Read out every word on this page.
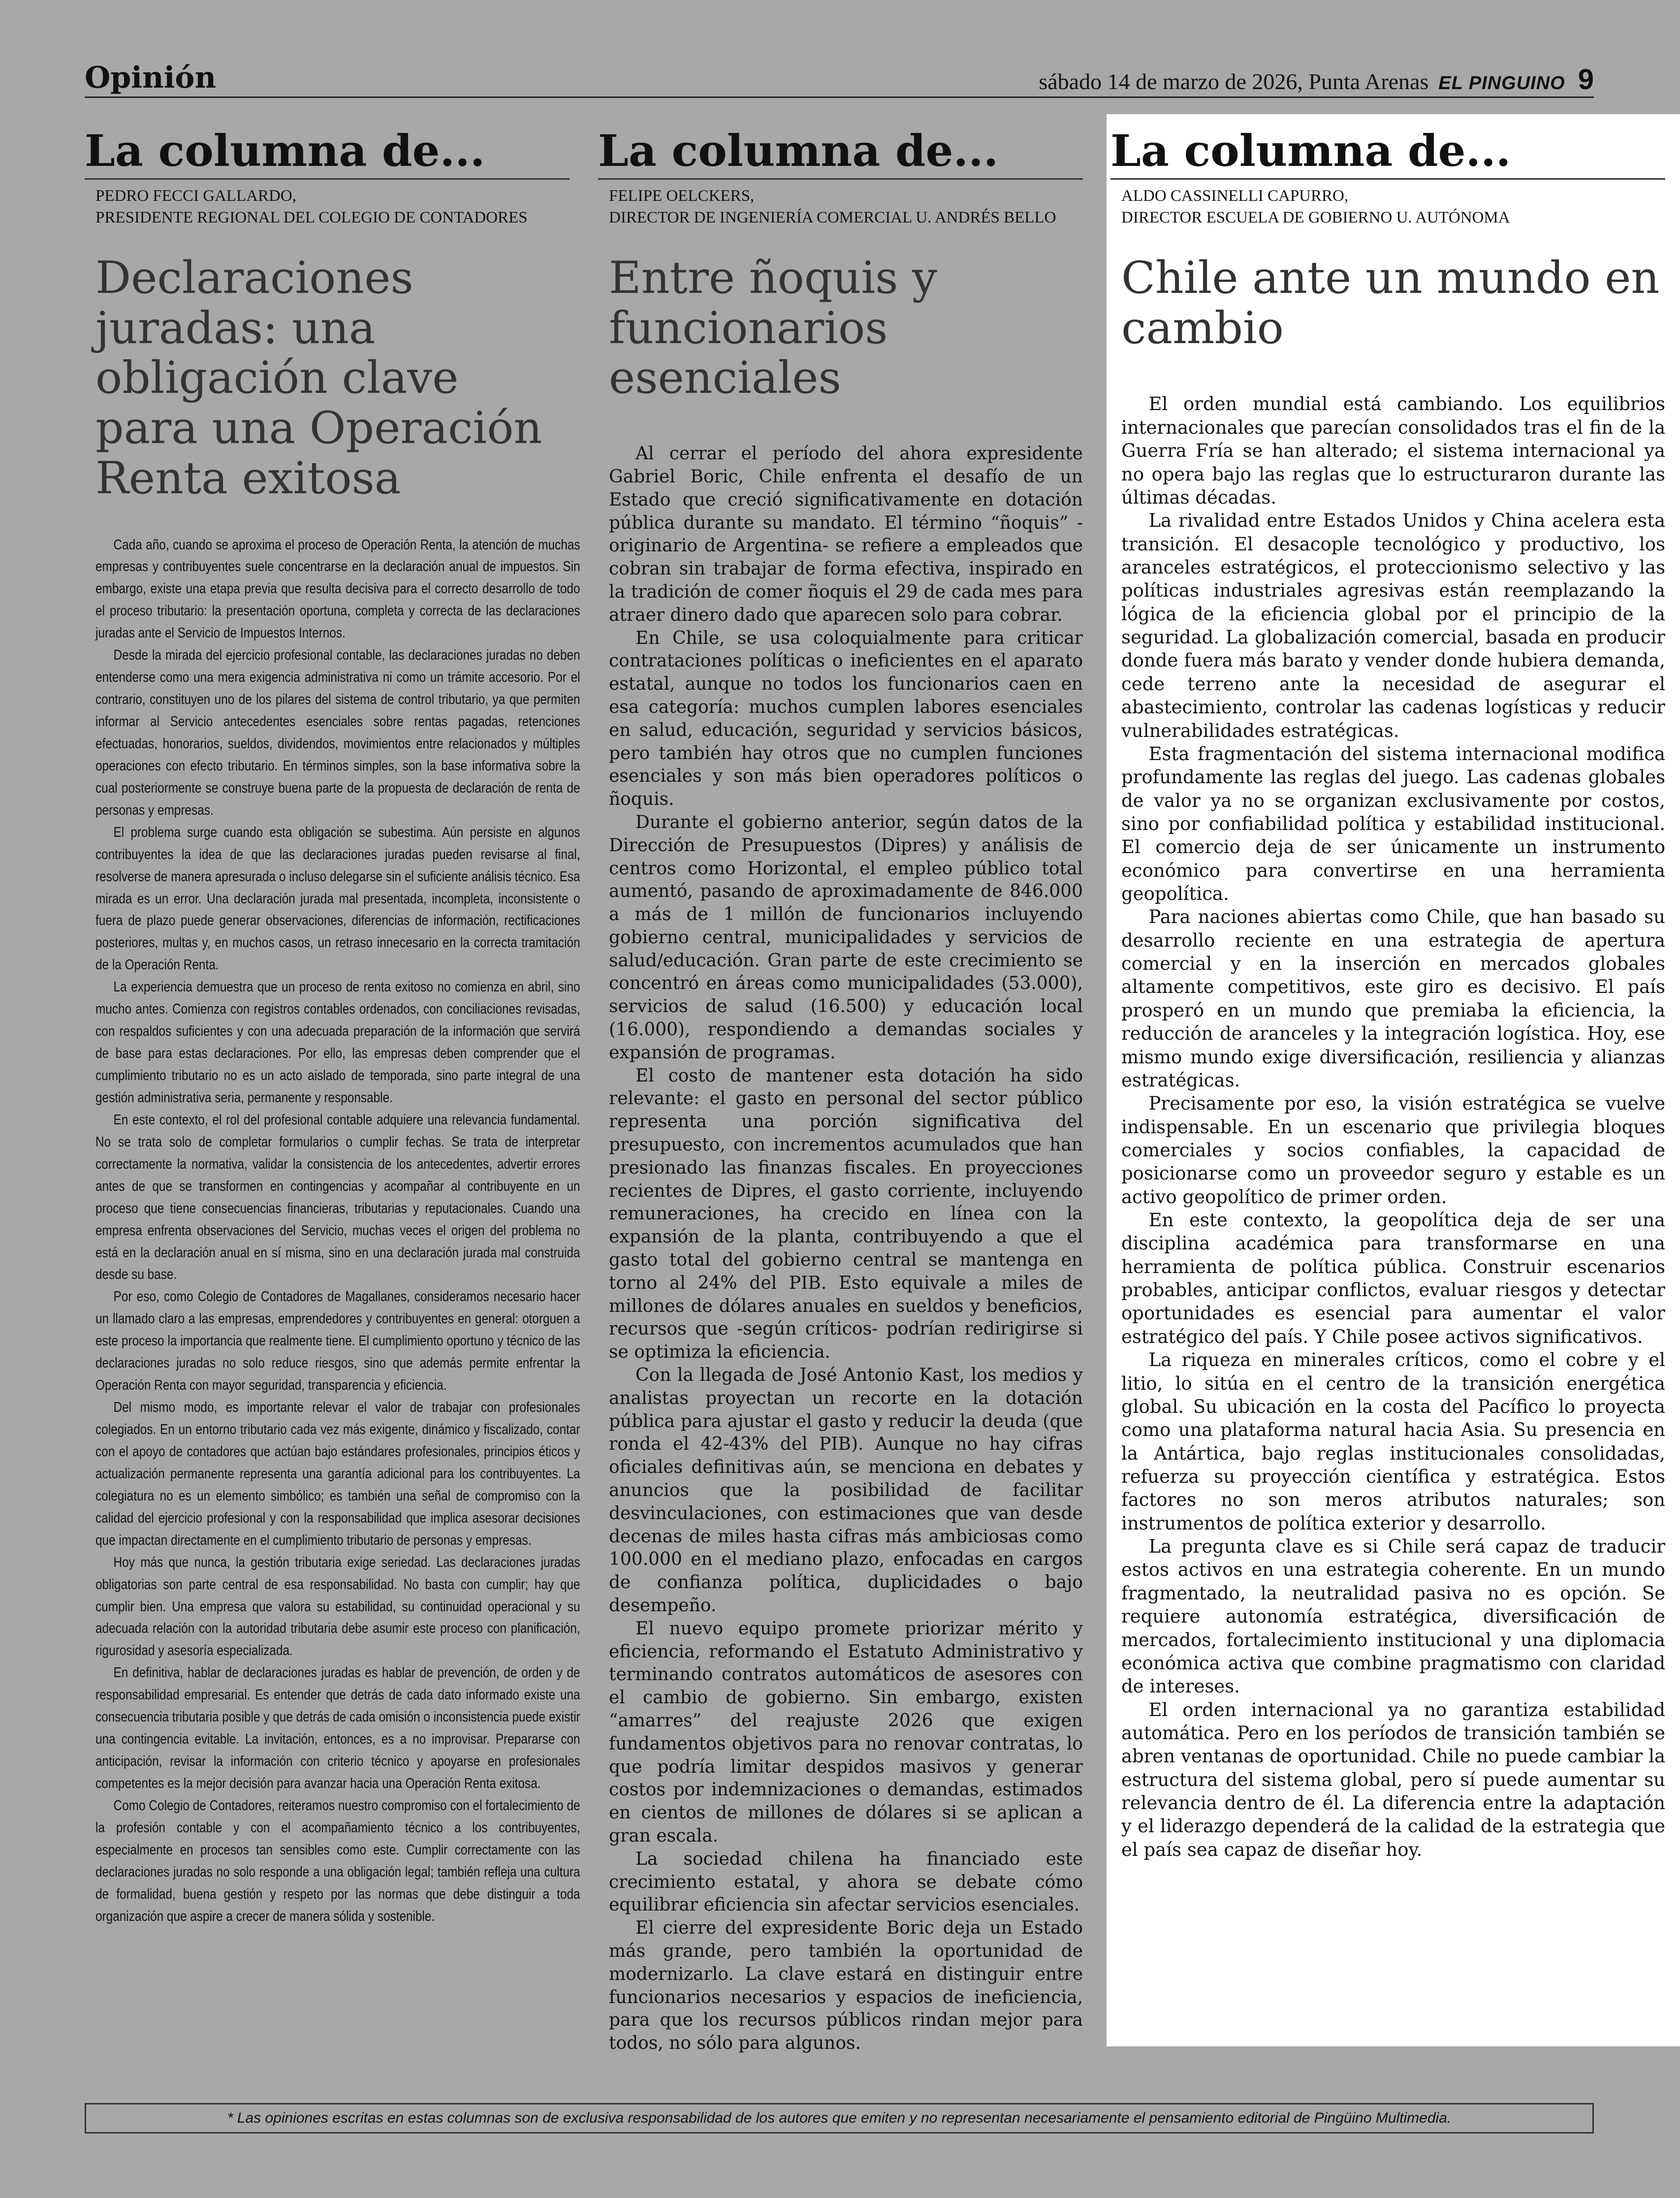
Opinión	sábado 14 de marzo de 2026, Punta Arenas EL PINGUINO 9
La columna de...
PEDRO FECCI GALLARDO,
PRESIDENTE REGIONAL DEL COLEGIO DE CONTADORES
Declaraciones juradas: una obligación clave para una Operación Renta exitosa

Cada año, cuando se aproxima el proceso de Operación Renta, la atención de muchas empresas y contribuyentes suele concentrarse en la declaración anual de impuestos. Sin embargo, existe una etapa previa que resulta decisiva para el correcto desarrollo de todo el proceso tributario: la presentación oportuna, completa y correcta de las declaraciones juradas ante el Servicio de Impuestos Internos.

Desde la mirada del ejercicio profesional contable, las declaraciones juradas no deben entenderse como una mera exigencia administrativa ni como un trámite accesorio. Por el contrario, constituyen uno de los pilares del sistema de control tributario, ya que permiten informar al Servicio antecedentes esenciales sobre rentas pagadas, retenciones efectuadas, honorarios, sueldos, dividendos, movimientos entre relacionados y múltiples operaciones con efecto tributario. En términos simples, son la base informativa sobre la cual posteriormente se construye buena parte de la propuesta de declaración de renta de personas y empresas.

El problema surge cuando esta obligación se subestima. Aún persiste en algunos contribuyentes la idea de que las declaraciones juradas pueden revisarse al final, resolverse de manera apresurada o incluso delegarse sin el suficiente análisis técnico. Esa mirada es un error. Una declaración jurada mal presentada, incompleta, inconsistente o fuera de plazo puede generar observaciones, diferencias de información, rectificaciones posteriores, multas y, en muchos casos, un retraso innecesario en la correcta tramitación de la Operación Renta.

La experiencia demuestra que un proceso de renta exitoso no comienza en abril, sino mucho antes. Comienza con registros contables ordenados, con conciliaciones revisadas, con respaldos suficientes y con una adecuada preparación de la información que servirá de base para estas declaraciones. Por ello, las empresas deben comprender que el cumplimiento tributario no es un acto aislado de temporada, sino parte integral de una gestión administrativa seria, permanente y responsable.

En este contexto, el rol del profesional contable adquiere una relevancia fundamental. No se trata solo de completar formularios o cumplir fechas. Se trata de interpretar correctamente la normativa, validar la consistencia de los antecedentes, advertir errores antes de que se transformen en contingencias y acompañar al contribuyente en un proceso que tiene consecuencias financieras, tributarias y reputacionales. Cuando una empresa enfrenta observaciones del Servicio, muchas veces el origen del problema no está en la declaración anual en sí misma, sino en una declaración jurada mal construida desde su base.

Por eso, como Colegio de Contadores de Magallanes, consideramos necesario hacer un llamado claro a las empresas, emprendedores y contribuyentes en general: otorguen a este proceso la importancia que realmente tiene. El cumplimiento oportuno y técnico de las declaraciones juradas no solo reduce riesgos, sino que además permite enfrentar la Operación Renta con mayor seguridad, transparencia y eficiencia.

Del mismo modo, es importante relevar el valor de trabajar con profesionales colegiados. En un entorno tributario cada vez más exigente, dinámico y fiscalizado, contar con el apoyo de contadores que actúan bajo estándares profesionales, principios éticos y actualización permanente representa una garantía adicional para los contribuyentes. La colegiatura no es un elemento simbólico; es también una señal de compromiso con la calidad del ejercicio profesional y con la responsabilidad que implica asesorar decisiones que impactan directamente en el cumplimiento tributario de personas y empresas.

Hoy más que nunca, la gestión tributaria exige seriedad. Las declaraciones juradas obligatorias son parte central de esa responsabilidad. No basta con cumplir; hay que cumplir bien. Una empresa que valora su estabilidad, su continuidad operacional y su adecuada relación con la autoridad tributaria debe asumir este proceso con planificación, rigurosidad y asesoría especializada.

En definitiva, hablar de declaraciones juradas es hablar de prevención, de orden y de responsabilidad empresarial. Es entender que detrás de cada dato informado existe una consecuencia tributaria posible y que detrás de cada omisión o inconsistencia puede existir una contingencia evitable. La invitación, entonces, es a no improvisar. Prepararse con anticipación, revisar la información con criterio técnico y apoyarse en profesionales competentes es la mejor decisión para avanzar hacia una Operación Renta exitosa.

Como Colegio de Contadores, reiteramos nuestro compromiso con el fortalecimiento de la profesión contable y con el acompañamiento técnico a los contribuyentes, especialmente en procesos tan sensibles como este. Cumplir correctamente con las declaraciones juradas no solo responde a una obligación legal; también refleja una cultura de formalidad, buena gestión y respeto por las normas que debe distinguir a toda organización que aspire a crecer de manera sólida y sostenible.

La columna de...
FELIPE OELCKERS,
DIRECTOR DE INGENIERÍA COMERCIAL U. ANDRÉS BELLO
Entre ñoquis y funcionarios esenciales

Al cerrar el período del ahora expresidente Gabriel Boric, Chile enfrenta el desafío de un Estado que creció significativamente en dotación pública durante su mandato. El término “ñoquis” -originario de Argentina- se refiere a empleados que cobran sin trabajar de forma efectiva, inspirado en la tradición de comer ñoquis el 29 de cada mes para atraer dinero dado que aparecen solo para cobrar.

En Chile, se usa coloquialmente para criticar contrataciones políticas o ineficientes en el aparato estatal, aunque no todos los funcionarios caen en esa categoría: muchos cumplen labores esenciales en salud, educación, seguridad y servicios básicos, pero también hay otros que no cumplen funciones esenciales y son más bien operadores políticos o ñoquis.

Durante el gobierno anterior, según datos de la Dirección de Presupuestos (Dipres) y análisis de centros como Horizontal, el empleo público total aumentó, pasando de aproximadamente de 846.000 a más de 1 millón de funcionarios incluyendo gobierno central, municipalidades y servicios de salud/educación. Gran parte de este crecimiento se concentró en áreas como municipalidades (53.000), servicios de salud (16.500) y educación local (16.000), respondiendo a demandas sociales y expansión de programas.

El costo de mantener esta dotación ha sido relevante: el gasto en personal del sector público representa una porción significativa del presupuesto, con incrementos acumulados que han presionado las finanzas fiscales. En proyecciones recientes de Dipres, el gasto corriente, incluyendo remuneraciones, ha crecido en línea con la expansión de la planta, contribuyendo a que el gasto total del gobierno central se mantenga en torno al 24% del PIB. Esto equivale a miles de millones de dólares anuales en sueldos y beneficios, recursos que -según críticos- podrían redirigirse si se optimiza la eficiencia.

Con la llegada de José Antonio Kast, los medios y analistas proyectan un recorte en la dotación pública para ajustar el gasto y reducir la deuda (que ronda el 42-43% del PIB). Aunque no hay cifras oficiales definitivas aún, se menciona en debates y anuncios que la posibilidad de facilitar desvinculaciones, con estimaciones que van desde decenas de miles hasta cifras más ambiciosas como 100.000 en el mediano plazo, enfocadas en cargos de confianza política, duplicidades o bajo desempeño.

El nuevo equipo promete priorizar mérito y eficiencia, reformando el Estatuto Administrativo y terminando contratos automáticos de asesores con el cambio de gobierno. Sin embargo, existen “amarres” del reajuste 2026 que exigen fundamentos objetivos para no renovar contratas, lo que podría limitar despidos masivos y generar costos por indemnizaciones o demandas, estimados en cientos de millones de dólares si se aplican a gran escala.

La sociedad chilena ha financiado este crecimiento estatal, y ahora se debate cómo equilibrar eficiencia sin afectar servicios esenciales.

El cierre del expresidente Boric deja un Estado más grande, pero también la oportunidad de modernizarlo. La clave estará en distinguir entre funcionarios necesarios y espacios de ineficiencia, para que los recursos públicos rindan mejor para todos, no sólo para algunos.

La columna de...
ALDO CASSINELLI CAPURRO,
DIRECTOR ESCUELA DE GOBIERNO U. AUTÓNOMA
Chile ante un mundo en cambio

El orden mundial está cambiando. Los equilibrios internacionales que parecían consolidados tras el fin de la Guerra Fría se han alterado; el sistema internacional ya no opera bajo las reglas que lo estructuraron durante las últimas décadas.

La rivalidad entre Estados Unidos y China acelera esta transición. El desacople tecnológico y productivo, los aranceles estratégicos, el proteccionismo selectivo y las políticas industriales agresivas están reemplazando la lógica de la eficiencia global por el principio de la seguridad. La globalización comercial, basada en producir donde fuera más barato y vender donde hubiera demanda, cede terreno ante la necesidad de asegurar el abastecimiento, controlar las cadenas logísticas y reducir vulnerabilidades estratégicas.

Esta fragmentación del sistema internacional modifica profundamente las reglas del juego. Las cadenas globales de valor ya no se organizan exclusivamente por costos, sino por confiabilidad política y estabilidad institucional. El comercio deja de ser únicamente un instrumento económico para convertirse en una herramienta geopolítica.

Para naciones abiertas como Chile, que han basado su desarrollo reciente en una estrategia de apertura comercial y en la inserción en mercados globales altamente competitivos, este giro es decisivo. El país prosperó en un mundo que premiaba la eficiencia, la reducción de aranceles y la integración logística. Hoy, ese mismo mundo exige diversificación, resiliencia y alianzas estratégicas.

Precisamente por eso, la visión estratégica se vuelve indispensable. En un escenario que privilegia bloques comerciales y socios confiables, la capacidad de posicionarse como un proveedor seguro y estable es un activo geopolítico de primer orden.

En este contexto, la geopolítica deja de ser una disciplina académica para transformarse en una herramienta de política pública. Construir escenarios probables, anticipar conflictos, evaluar riesgos y detectar oportunidades es esencial para aumentar el valor estratégico del país. Y Chile posee activos significativos.

La riqueza en minerales críticos, como el cobre y el litio, lo sitúa en el centro de la transición energética global. Su ubicación en la costa del Pacífico lo proyecta como una plataforma natural hacia Asia. Su presencia en la Antártica, bajo reglas institucionales consolidadas, refuerza su proyección científica y estratégica. Estos factores no son meros atributos naturales; son instrumentos de política exterior y desarrollo.

La pregunta clave es si Chile será capaz de traducir estos activos en una estrategia coherente. En un mundo fragmentado, la neutralidad pasiva no es opción. Se requiere autonomía estratégica, diversificación de mercados, fortalecimiento institucional y una diplomacia económica activa que combine pragmatismo con claridad de intereses.

El orden internacional ya no garantiza estabilidad automática. Pero en los períodos de transición también se abren ventanas de oportunidad. Chile no puede cambiar la estructura del sistema global, pero sí puede aumentar su relevancia dentro de él. La diferencia entre la adaptación y el liderazgo dependerá de la calidad de la estrategia que el país sea capaz de diseñar hoy.

* Las opiniones escritas en estas columnas son de exclusiva responsabilidad de los autores que emiten y no representan necesariamente el pensamiento editorial de Pingüino Multimedia.
